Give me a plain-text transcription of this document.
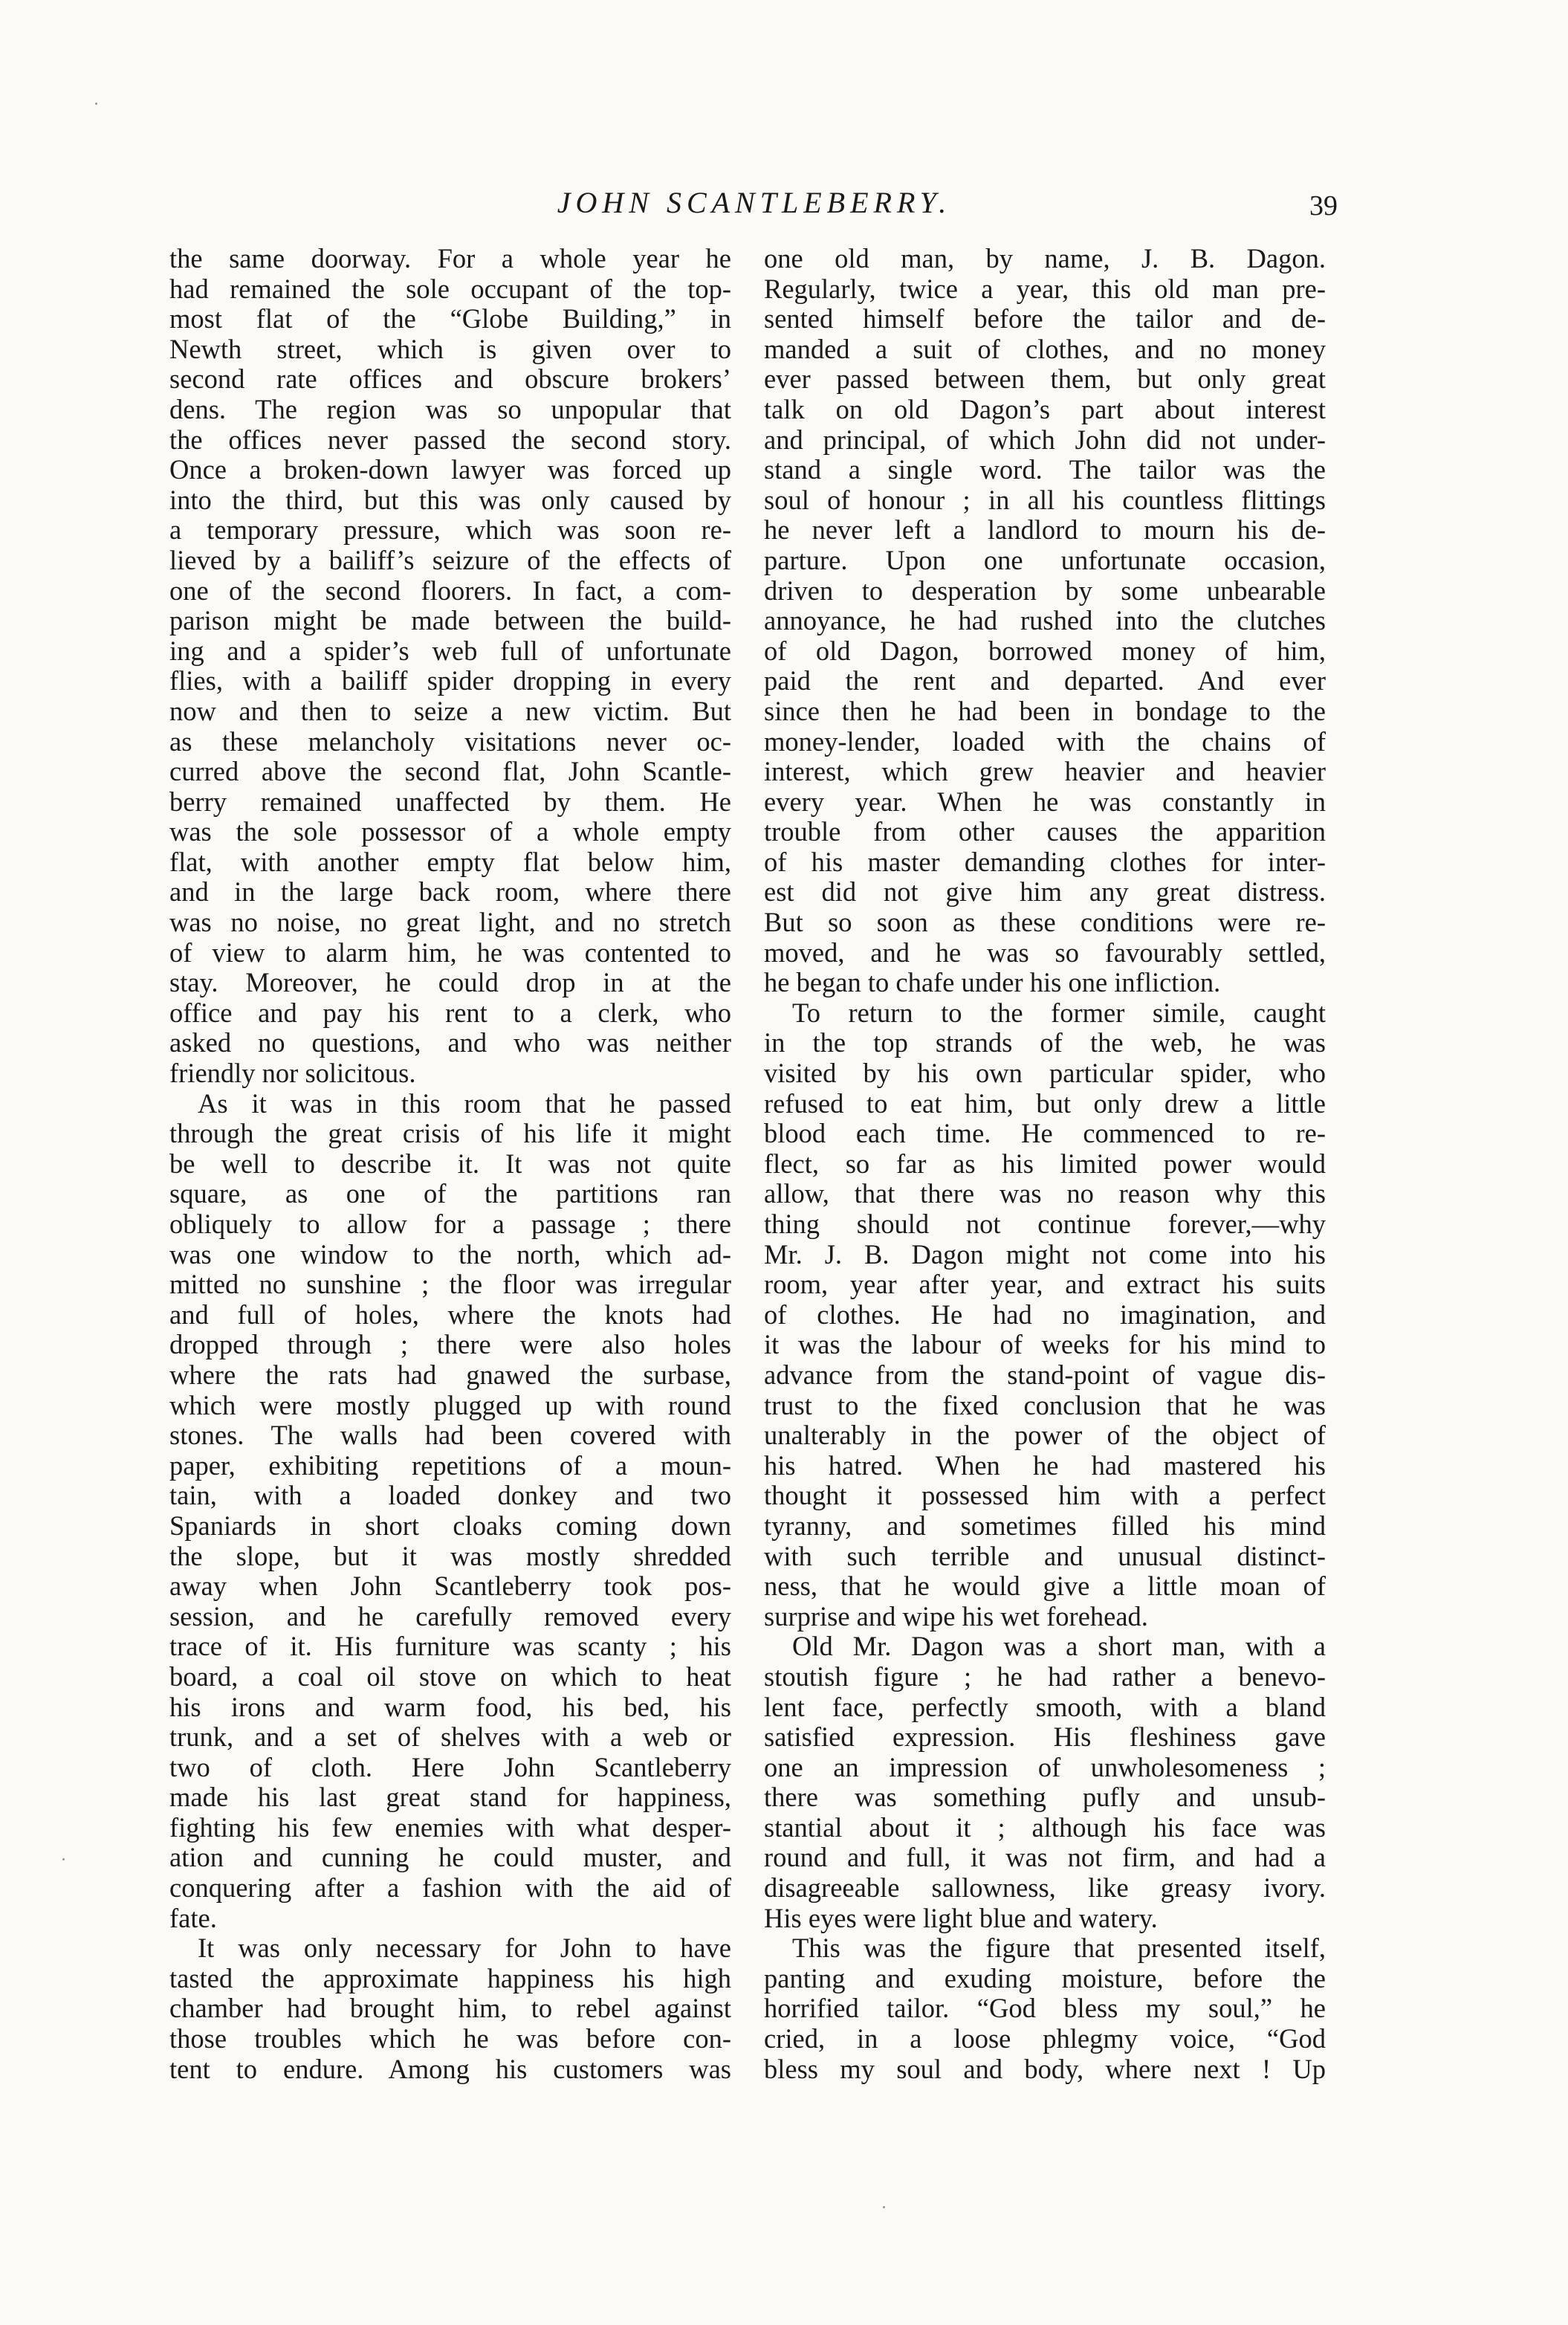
JOHN SCANTLEBERRY.	39
the same doorway. For a whole year he
had remained the sole occupant of the top-
most flat of the “Globe Building,” in
Newth street, which is given over to
second rate offices and obscure brokers’
dens. The region was so unpopular that
the offices never passed the second story.
Once a broken-down lawyer was forced up
into the third, but this was only caused by
a temporary pressure, which was soon re-
lieved by a bailiff’s seizure of the effects of
one of the second floorers. In fact, a com-
parison might be made between the build-
ing and a spider’s web full of unfortunate
flies, with a bailiff spider dropping in every
now and then to seize a new victim. But
as these melancholy visitations never oc-
curred above the second flat, John Scantle-
berry remained unaffected by them. He
was the sole possessor of a whole empty
flat, with another empty flat below him,
and in the large back room, where there
was no noise, no great light, and no stretch
of view to alarm him, he was contented to
stay. Moreover, he could drop in at the
office and pay his rent to a clerk, who
asked no questions, and who was neither
friendly nor solicitous.
As it was in this room that he passed
through the great crisis of his life it might
be well to describe it. It was not quite
square, as one of the partitions ran
obliquely to allow for a passage ; there
was one window to the north, which ad-
mitted no sunshine ; the floor was irregular
and full of holes, where the knots had
dropped through ; there were also holes
where the rats had gnawed the surbase,
which were mostly plugged up with round
stones. The walls had been covered with
paper, exhibiting repetitions of a moun-
tain, with a loaded donkey and two
Spaniards in short cloaks coming down
the slope, but it was mostly shredded
away when John Scantleberry took pos-
session, and he carefully removed every
trace of it. His furniture was scanty ; his
board, a coal oil stove on which to heat
his irons and warm food, his bed, his
trunk, and a set of shelves with a web or
two of cloth. Here John Scantleberry
made his last great stand for happiness,
fighting his few enemies with what desper-
ation and cunning he could muster, and
conquering after a fashion with the aid of
fate.
It was only necessary for John to have
tasted the approximate happiness his high
chamber had brought him, to rebel against
those troubles which he was before con-
tent to endure. Among his customers was
one old man, by name, J. B. Dagon.
Regularly, twice a year, this old man pre-
sented himself before the tailor and de-
manded a suit of clothes, and no money
ever passed between them, but only great
talk on old Dagon’s part about interest
and principal, of which John did not under-
stand a single word. The tailor was the
soul of honour ; in all his countless flittings
he never left a landlord to mourn his de-
parture. Upon one unfortunate occasion,
driven to desperation by some unbearable
annoyance, he had rushed into the clutches
of old Dagon, borrowed money of him,
paid the rent and departed. And ever
since then he had been in bondage to the
money-lender, loaded with the chains of
interest, which grew heavier and heavier
every year. When he was constantly in
trouble from other causes the apparition
of his master demanding clothes for inter-
est did not give him any great distress.
But so soon as these conditions were re-
moved, and he was so favourably settled,
he began to chafe under his one infliction.
To return to the former simile, caught
in the top strands of the web, he was
visited by his own particular spider, who
refused to eat him, but only drew a little
blood each time. He commenced to re-
flect, so far as his limited power would
allow, that there was no reason why this
thing should not continue forever,—why
Mr. J. B. Dagon might not come into his
room, year after year, and extract his suits
of clothes. He had no imagination, and
it was the labour of weeks for his mind to
advance from the stand-point of vague dis-
trust to the fixed conclusion that he was
unalterably in the power of the object of
his hatred. When he had mastered his
thought it possessed him with a perfect
tyranny, and sometimes filled his mind
with such terrible and unusual distinct-
ness, that he would give a little moan of
surprise and wipe his wet forehead.
Old Mr. Dagon was a short man, with a
stoutish figure ; he had rather a benevo-
lent face, perfectly smooth, with a bland
satisfied expression. His fleshiness gave
one an impression of unwholesomeness ;
there was something pufly and unsub-
stantial about it ; although his face was
round and full, it was not firm, and had a
disagreeable sallowness, like greasy ivory.
His eyes were light blue and watery.
This was the figure that presented itself,
panting and exuding moisture, before the
horrified tailor. “God bless my soul,” he
cried, in a loose phlegmy voice, “God
bless my soul and body, where next ! Up
